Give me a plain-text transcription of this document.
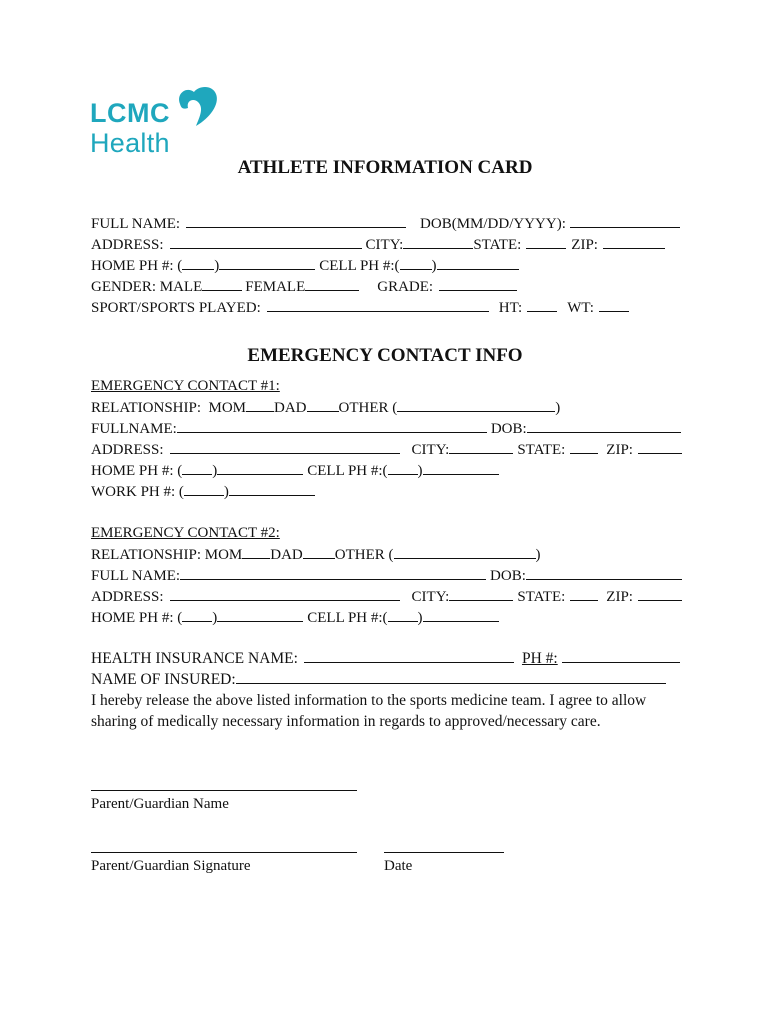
LCMC
Health
ATHLETE INFORMATION CARD
FULL NAME:	DOB(MM/DD/YYYY):
ADDRESS:	CITY:	STATE:	ZIP:
HOME PH #: ( )	CELL PH #:( )
GENDER: MALE	FEMALE	GRADE:
SPORT/SPORTS PLAYED:	HT:	WT:
EMERGENCY CONTACT INFO
EMERGENCY CONTACT #1:
RELATIONSHIP:  MOM DAD OTHER (	)
FULLNAME:	DOB:
ADDRESS:	CITY:	STATE:	ZIP:
HOME PH #: ( )	CELL PH #:( )
WORK PH #: (	)
EMERGENCY CONTACT #2:
RELATIONSHIP: MOM DAD OTHER (	)
FULL NAME:	DOB:
ADDRESS:	CITY:	STATE:	ZIP:
HOME PH #: ( )	CELL PH #:( )
HEALTH INSURANCE NAME:	PH #:
NAME OF INSURED:
I hereby release the above listed information to the sports medicine team. I agree to allow sharing of medically necessary information in regards to approved/necessary care.
Parent/Guardian Name
Parent/Guardian Signature	Date
